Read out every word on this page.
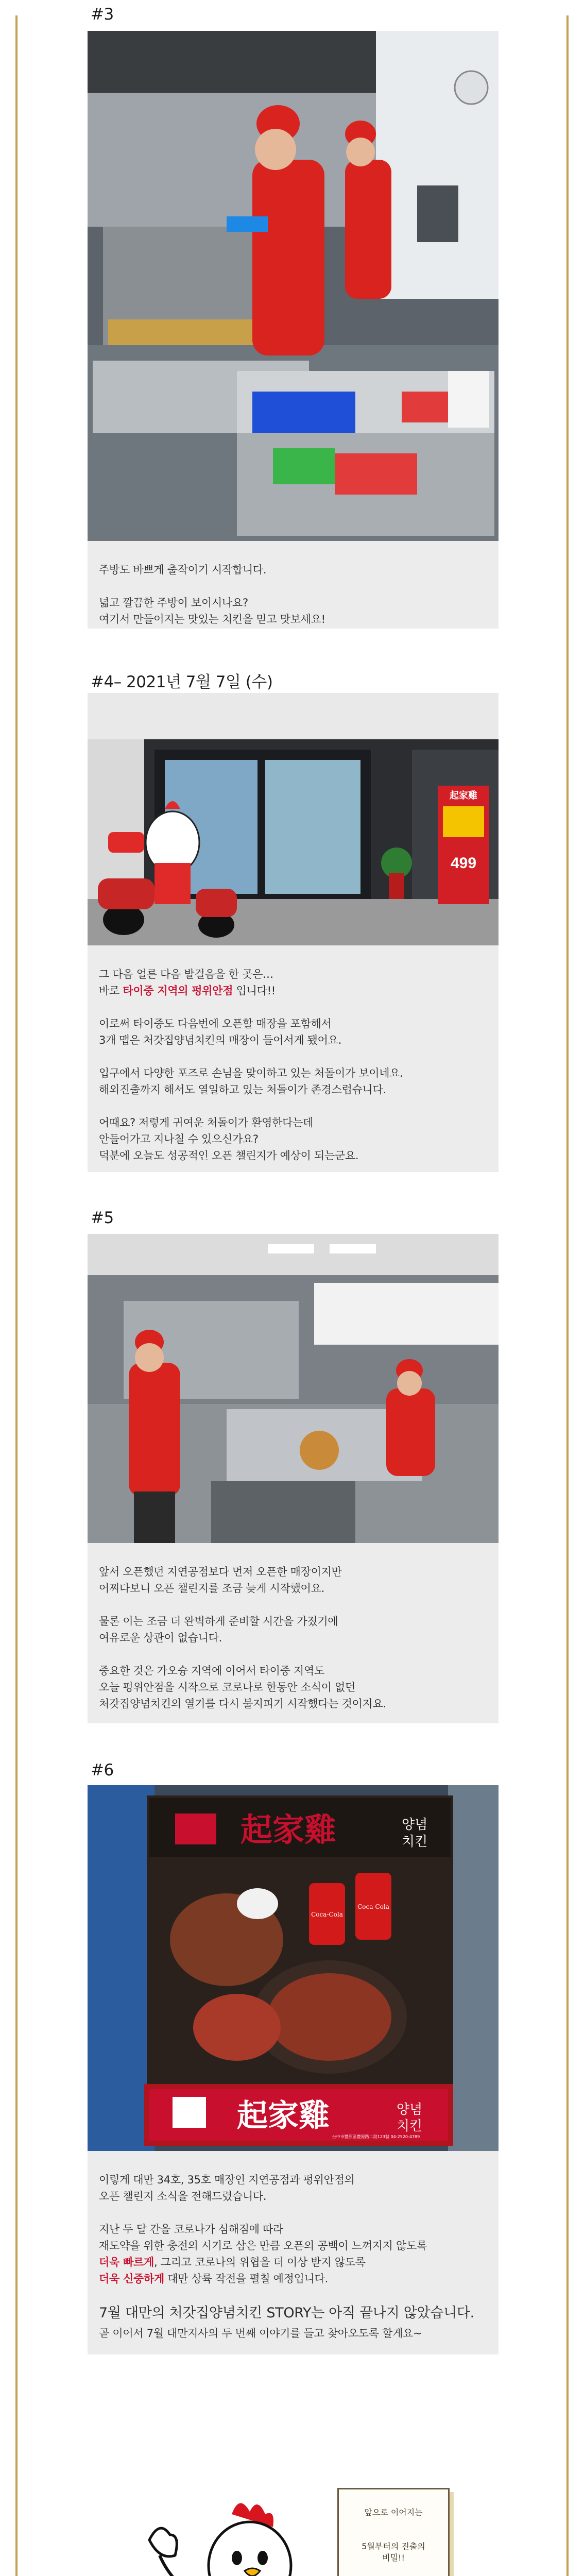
#3

주방도 바쁘게 출작이기 시작합니다.

넓고 깔끔한 주방이 보이시나요?
여기서 만들어지는 맛있는 치킨을 믿고 맛보세요!

#4– 2021년 7월 7일 (수)
499
起家雞

그 다음 얼른 다음 발걸음을 한 곳은…
바로 타이중 지역의 펑위안점 입니다!!

이로써 타이중도 다음번에 오픈할 매장을 포함해서
3개 맵은 처갓집양념치킨의 매장이 들어서게 됐어요.

입구에서 다양한 포즈로 손님을 맞이하고 있는 처돌이가 보이네요.
해외진출까지 해서도 열일하고 있는 처돌이가 존경스럽습니다.

어때요? 저렇게 귀여운 처돌이가 환영한다는데
안들어가고 지나칠 수 있으신가요?
덕분에 오늘도 성공적인 오픈 챌린지가 예상이 되는군요.

#5

앞서 오픈했던 지연공점보다 먼저 오픈한 매장이지만
어찌다보니 오픈 챌린지를 조금 늦게 시작했어요.

물론 이는 조금 더 완벽하게 준비할 시간을 가졌기에
여유로운 상관이 없습니다.

중요한 것은 가오슝 지역에 이어서 타이중 지역도
오늘 펑위안점을 시작으로 코로나로 한동안 소식이 없던
처갓집양념치킨의 열기를 다시 불지피기 시작했다는 것이지요.

#6
起家雞	양념
치킨
Coca-Cola
Coca-Cola
起家雞	양념
치킨
台中市豐原區豐原路二段123號 04-2520-4789

이렇게 대만 34호, 35호 매장인 지연공점과 펑위안점의
오픈 챌린지 소식을 전해드렸습니다.

지난 두 달 간을 코로나가 심해짐에 따라
재도약을 위한 충전의 시기로 삼은 만큼 오픈의 공백이 느껴지지 않도록
더욱 빠르게, 그리고 코로나의 위협을 더 이상 받지 않도록
더욱 신중하게 대만 상륙 작전을 펼칠 예정입니다.

7월 대만의 처갓집양념치킨 STORY는 아직 끝나지 않았습니다.
곧 이어서 7월 대만지사의 두 번째 이야기를 들고 찾아오도록 할게요~

앞으로 이어지는
5월부터의 진출의
비밀!!
